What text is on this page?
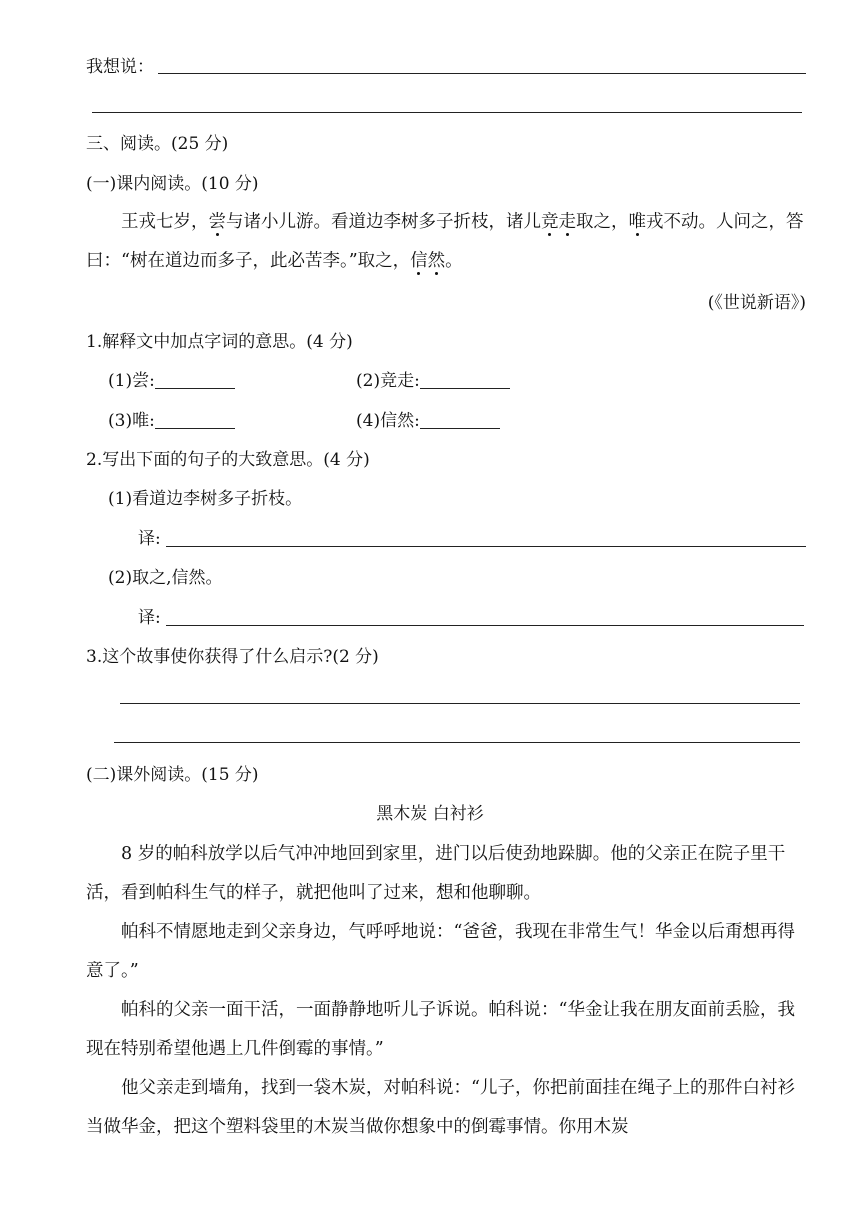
我想说：
三、阅读。(25 分)
(一)课内阅读。(10 分)
王戎七岁，尝与诸小儿游。看道边李树多子折枝，诸儿竞走取之，唯戎不动。人问之，答曰：“树在道边而多子，此必苦李。”取之，信然。
(《世说新语》)
1.解释文中加点字词的意思。(4 分)
(1)尝:	(2)竞走:
(3)唯:	(4)信然:
2.写出下面的句子的大致意思。(4 分)
(1)看道边李树多子折枝。
译:
(2)取之,信然。
译:
3.这个故事使你获得了什么启示?(2 分)
(二)课外阅读。(15 分)
黑木炭 白衬衫
8 岁的帕科放学以后气冲冲地回到家里，进门以后使劲地跺脚。他的父亲正在院子里干活，看到帕科生气的样子，就把他叫了过来，想和他聊聊。
帕科不情愿地走到父亲身边，气呼呼地说：“爸爸，我现在非常生气！华金以后甭想再得意了。”
帕科的父亲一面干活，一面静静地听儿子诉说。帕科说：“华金让我在朋友面前丢脸，我现在特别希望他遇上几件倒霉的事情。”
他父亲走到墙角，找到一袋木炭，对帕科说：“儿子，你把前面挂在绳子上的那件白衬衫当做华金，把这个塑料袋里的木炭当做你想象中的倒霉事情。你用木炭
